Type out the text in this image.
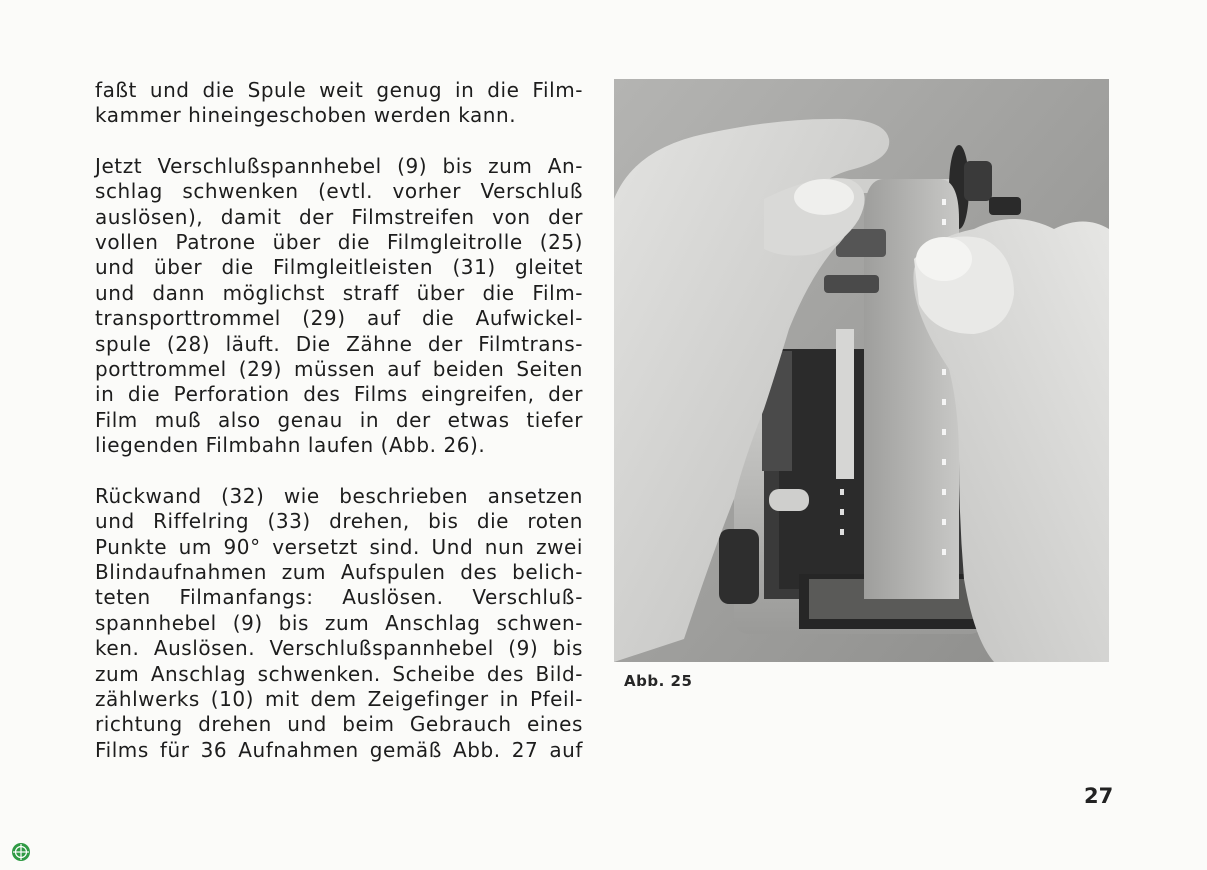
faßt und die Spule weit genug in die Film-
kammer hineingeschoben werden kann.

Jetzt Verschlußspannhebel (9) bis zum An-
schlag schwenken (evtl. vorher Verschluß
auslösen), damit der Filmstreifen von der
vollen Patrone über die Filmgleitrolle (25)
und über die Filmgleitleisten (31) gleitet
und dann möglichst straff über die Film-
transporttrommel (29) auf die Aufwickel-
spule (28) läuft. Die Zähne der Filmtrans-
porttrommel (29) müssen auf beiden Seiten
in die Perforation des Films eingreifen, der
Film muß also genau in der etwas tiefer
liegenden Filmbahn laufen (Abb. 26).

Rückwand (32) wie beschrieben ansetzen
und Riffelring (33) drehen, bis die roten
Punkte um 90° versetzt sind. Und nun zwei
Blindaufnahmen zum Aufspulen des belich-
teten Filmanfangs: Auslösen. Verschluß-
spannhebel (9) bis zum Anschlag schwen-
ken. Auslösen. Verschlußspannhebel (9) bis
zum Anschlag schwenken. Scheibe des Bild-
zählwerks (10) mit dem Zeigefinger in Pfeil-
richtung drehen und beim Gebrauch eines
Films für 36 Aufnahmen gemäß Abb. 27 auf

Abb. 25
27
